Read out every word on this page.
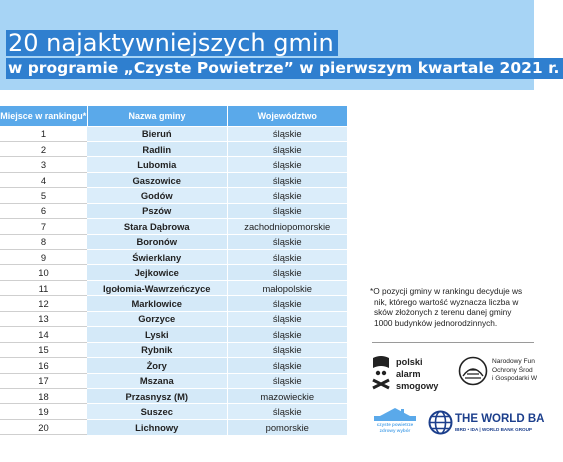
20 najaktywniejszych gmin
w programie „Czyste Powietrze” w pierwszym kwartale 2021 r.
Miejsce w rankingu*	Nazwa gminy	Województwo
1	Bieruń	śląskie
2	Radlin	śląskie
3	Lubomia	śląskie
4	Gaszowice	śląskie
5	Godów	śląskie
6	Pszów	śląskie
7	Stara Dąbrowa	zachodniopomorskie
8	Boronów	śląskie
9	Świerklany	śląskie
10	Jejkowice	śląskie
11	Igołomia-Wawrzeńczyce	małopolskie
12	Marklowice	śląskie
13	Gorzyce	śląskie
14	Lyski	śląskie
15	Rybnik	śląskie
16	Żory	śląskie
17	Mszana	śląskie
18	Przasnysz (M)	mazowieckie
19	Suszec	śląskie
20	Lichnowy	pomorskie
*O pozycji gminy w rankingu decyduje ws
nik, którego wartość wyznacza liczba w
sków złożonych z terenu danej gminy
1000 budynków jednorodzinnych.
polski
alarm
smogowy
Narodowy Fun
Ochrony Środ
i Gospodarki W
czyste powietrze
zdrowy wybór
THE WORLD BA
IBRD • IDA | WORLD BANK GROUP
